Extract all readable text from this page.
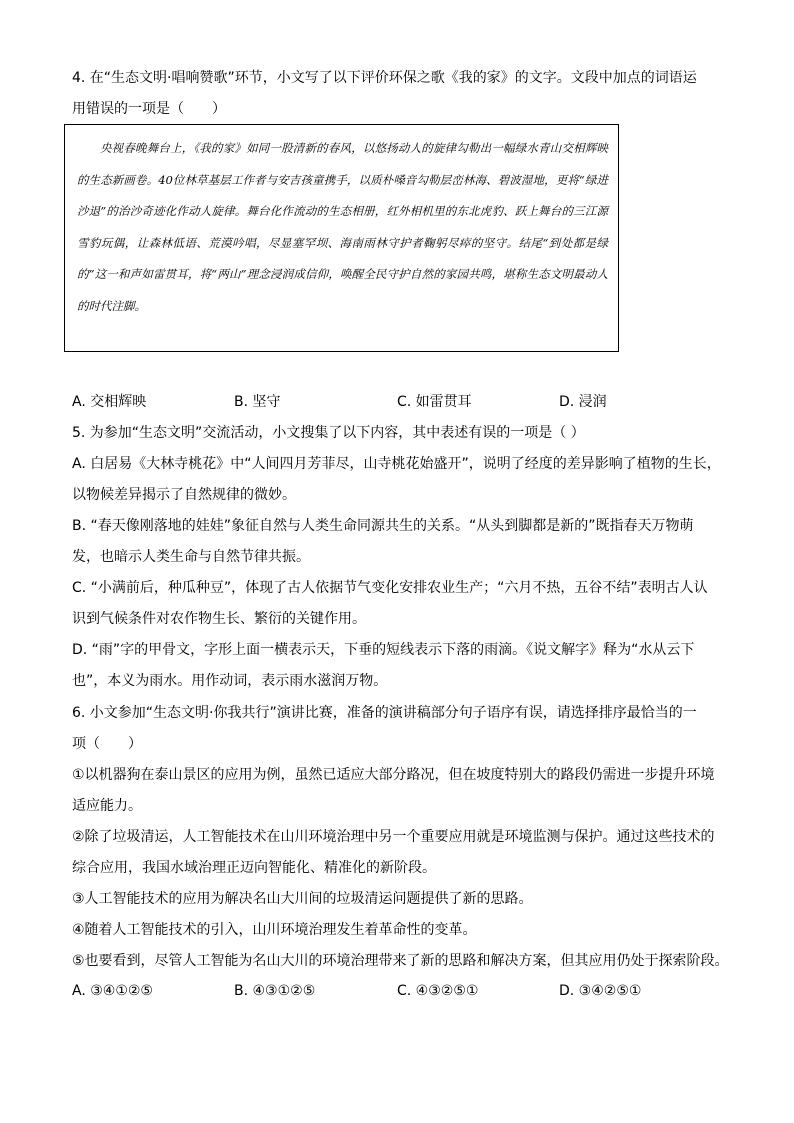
4. 在“生态文明·唱响赞歌”环节，小文写了以下评价环保之歌《我的家》的文字。文段中加点的词语运

用错误的一项是（　　）

央视春晚舞台上，《我的家》如同一股清新的春风，以悠扬动人的旋律勾勒出一幅绿水青山交相辉映的生态新画卷。40位林草基层工作者与安吉孩童携手，以质朴嗓音勾勒层峦林海、碧波湿地，更将“绿进沙退”的治沙奇迹化作动人旋律。舞台化作流动的生态相册，红外相机里的东北虎豹、跃上舞台的三江源雪豹玩偶，让森林低语、荒漠吟唱，尽显塞罕坝、海南雨林守护者鞠躬尽瘁的坚守。结尾“到处都是绿的”这一和声如雷贯耳，将“两山”理念浸润成信仰，唤醒全民守护自然的家园共鸣，堪称生态文明最动人的时代注脚。

A. 交相辉映	B. 坚守	C. 如雷贯耳	D. 浸润

5. 为参加“生态文明”交流活动，小文搜集了以下内容，其中表述有误的一项是（ ）

A. 白居易《大林寺桃花》中“人间四月芳菲尽，山寺桃花始盛开”，说明了经度的差异影响了植物的生长，

以物候差异揭示了自然规律的微妙。

B. “春天像刚落地的娃娃”象征自然与人类生命同源共生的关系。“从头到脚都是新的”既指春天万物萌

发，也暗示人类生命与自然节律共振。

C. “小满前后，种瓜种豆”，体现了古人依据节气变化安排农业生产；“六月不热，五谷不结”表明古人认

识到气候条件对农作物生长、繁衍的关键作用。

D. “雨”字的甲骨文，字形上面一横表示天，下垂的短线表示下落的雨滴。《说文解字》释为“水从云下

也”，本义为雨水。用作动词，表示雨水滋润万物。

6. 小文参加“生态文明·你我共行”演讲比赛，准备的演讲稿部分句子语序有误，请选择排序最恰当的一

项（　　）

①以机器狗在泰山景区的应用为例，虽然已适应大部分路况，但在坡度特别大的路段仍需进一步提升环境

适应能力。

②除了垃圾清运，人工智能技术在山川环境治理中另一个重要应用就是环境监测与保护。通过这些技术的

综合应用，我国水域治理正迈向智能化、精准化的新阶段。

③人工智能技术的应用为解决名山大川间的垃圾清运问题提供了新的思路。

④随着人工智能技术的引入，山川环境治理发生着革命性的变革。

⑤也要看到，尽管人工智能为名山大川的环境治理带来了新的思路和解决方案，但其应用仍处于探索阶段。

A. ③④①②⑤	B. ④③①②⑤	C. ④③②⑤①	D. ③④②⑤①
